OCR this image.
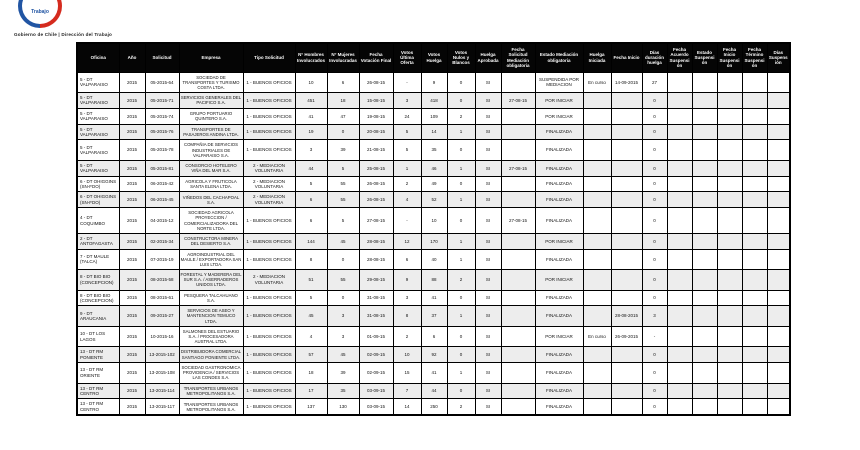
Trabajo
Gobierno de Chile | Dirección del Trabajo
Oficina	Año	Solicitud	Empresa	Tipo Solicitud	N° Hombres Involucrados	N° Mujeres Involucradas	Fecha Votación Final	Votos Última Oferta	Votos Huelga	Votos Nulos y Blancos	Huelga Aprobada	Fecha Solicitud Mediación obligatoria	Estado Mediación obligatoria	Huelga Iniciada	Fecha Inicio	Días duración huelga	Fecha Acuerdo Suspensión	Estado Suspensión	Fecha Inicio Suspensión	Fecha Término Suspensión	Días Suspensión
5 - DT VALPARAISO	2015	05-2015-64	SOCIEDAD DE TRANSPORTES Y TURISMO COSTA LTDA.	1 - BUENOS OFICIOS	10	6	26-08-15	-	9	0	SI		SUSPENDIDA POR MEDIACION	En curso	14-09-2015	27					
5 - DT VALPARAISO	2015	05-2015-71	SERVICIOS GENERALES DEL PACIFICO S.A.	1 - BUENOS OFICIOS	451	18	15-08-15	3	418	0	SI	27-08-15	POR INICIAR			0					
5 - DT VALPARAISO	2015	05-2015-74	GRUPO PORTUARIO QUINTERO S.A.	1 - BUENOS OFICIOS	41	47	19-08-15	24	109	2	SI		POR INICIAR			0					
5 - DT VALPARAISO	2015	05-2015-76	TRANSPORTES DE PASAJEROS ANDINA LTDA.	1 - BUENOS OFICIOS	19	0	20-08-15	5	14	1	SI		FINALIZADA			0					
5 - DT VALPARAISO	2015	05-2015-78	COMPAÑIA DE SERVICIOS INDUSTRIALES DE VALPARAISO S.A.	1 - BUENOS OFICIOS	3	39	21-08-15	5	35	0	SI		FINALIZADA			0					
5 - DT VALPARAISO	2015	05-2015-81	CONSORCIO HOTELERO VIÑA DEL MAR S.A.	2 - MEDIACION VOLUNTARIA	44	5	25-08-15	1	46	1	SI	27-08-15	FINALIZADA			0					
6 - DT OHIGGINS (SN-FDO)	2015	06-2015-42	AGRICOLA Y FRUTICOLA SANTA ELENA LTDA.	2 - MEDIACION VOLUNTARIA	5	55	26-08-15	2	49	0	SI		FINALIZADA			0					
6 - DT OHIGGINS (SN-FDO)	2015	06-2015-45	VIÑEDOS DEL CACHAPOAL S.A.	2 - MEDIACION VOLUNTARIA	6	55	26-08-15	4	52	1	SI		FINALIZADA			0					
4 - DT COQUIMBO	2015	04-2015-12	SOCIEDAD AGRICOLA PROYECCION / COMERCIALIZADORA DEL NORTE LTDA.	1 - BUENOS OFICIOS	6	5	27-08-15	-	10	0	SI	27-08-15	FINALIZADA			0					
2 - DT ANTOFAGASTA	2015	02-2015-34	CONSTRUCTORA MINERA DEL DESIERTO S.A.	1 - BUENOS OFICIOS	144	45	28-08-15	12	170	1	SI		POR INICIAR			0					
7 - DT MAULE (TALCA)	2015	07-2015-19	AGROINDUSTRIAL DEL MAULE / EXPORTADORA SAN LUIS LTDA.	1 - BUENOS OFICIOS	8	0	28-08-15	6	40	1	SI		FINALIZADA			0					
8 - DT BIO BIO (CONCEPCION)	2015	08-2015-58	FORESTAL Y MADERERA DEL SUR S.A. / ASERRADEROS UNIDOS LTDA.	2 - MEDIACION VOLUNTARIA	51	55	29-08-15	9	88	2	SI		POR INICIAR			0					
8 - DT BIO BIO (CONCEPCION)	2015	08-2015-61	PESQUERA TALCAHUANO S.A.	1 - BUENOS OFICIOS	5	0	31-08-15	3	41	0	SI		FINALIZADA			0					
9 - DT ARAUCANIA	2015	09-2015-27	SERVICIOS DE ASEO Y MANTENCION TEMUCO LTDA.	1 - BUENOS OFICIOS	45	3	31-08-15	8	37	1	SI		FINALIZADA		28-08-2015	3					
10 - DT LOS LAGOS	2015	10-2015-16	SALMONES DEL ESTUARIO S.A. / PROCESADORA AUSTRAL LTDA.	1 - BUENOS OFICIOS	4	3	01-09-15	2	6	0	SI		POR INICIAR	En curso	26-09-2015	-					
13 - DT RM PONIENTE	2015	13-2015-102	DISTRIBUIDORA COMERCIAL SANTIAGO PONIENTE LTDA.	1 - BUENOS OFICIOS	57	45	02-09-15	10	92	0	SI		FINALIZADA			0					
13 - DT RM ORIENTE	2015	13-2015-108	SOCIEDAD GASTRONOMICA PROVIDENCIA / SERVICIOS LAS CONDES S.A.	1 - BUENOS OFICIOS	18	39	02-09-15	15	41	1	SI		FINALIZADA			0					
13 - DT RM CENTRO	2015	13-2015-114	TRANSPORTES URBANOS METROPOLITANOS S.A.	1 - BUENOS OFICIOS	17	35	03-09-15	7	44	0	SI		FINALIZADA			0					
13 - DT RM CENTRO	2015	13-2015-117	TRANSPORTES URBANOS METROPOLITANOS S.A.	1 - BUENOS OFICIOS	137	130	03-09-15	14	250	2	SI		FINALIZADA			0					
